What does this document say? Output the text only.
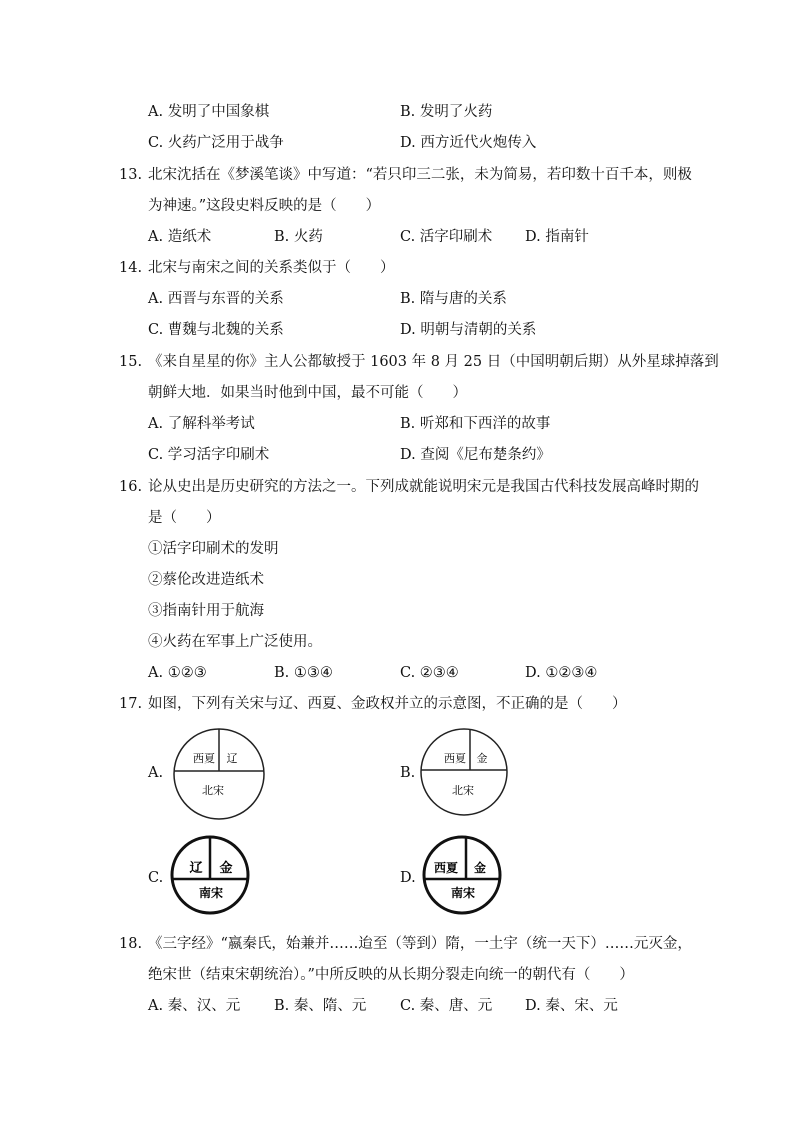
A. 发明了中国象棋	B. 发明了火药
C. 火药广泛用于战争	D. 西方近代火炮传入
13. 北宋沈括在《梦溪笔谈》中写道：“若只印三二张，未为简易，若印数十百千本，则极
为神速。”这段史料反映的是（　　）
A. 造纸术	B. 火药	C. 活字印刷术 D. 指南针
14. 北宋与南宋之间的关系类似于（　　）
A. 西晋与东晋的关系	B. 隋与唐的关系
C. 曹魏与北魏的关系	D. 明朝与清朝的关系
15. 《来自星星的你》主人公都敏授于 1603 年 8 月 25 日（中国明朝后期）从外星球掉落到
朝鲜大地．如果当时他到中国，最不可能（　　）
A. 了解科举考试	B. 听郑和下西洋的故事
C. 学习活字印刷术	D. 查阅《尼布楚条约》
16. 论从史出是历史研究的方法之一。下列成就能说明宋元是我国古代科技发展高峰时期的
是（　　）
①活字印刷术的发明
②蔡伦改进造纸术
③指南针用于航海
④火药在军事上广泛使用。
A. ①②③	B. ①③④	C. ②③④	D. ①②③④
17. 如图，下列有关宋与辽、西夏、金政权并立的示意图，不正确的是（　　）
A.
西夏 辽
北宋
B.
西夏 金
北宋
C.
辽 金
南宋
D.
西夏 金
南宋
18. 《三字经》“嬴秦氏，始兼并……迨至（等到）隋，一土宇（统一天下）……元灭金，
绝宋世（结束宋朝统治）。”中所反映的从长期分裂走向统一的朝代有（　　）
A. 秦、汉、元 B. 秦、隋、元 C. 秦、唐、元 D. 秦、宋、元
